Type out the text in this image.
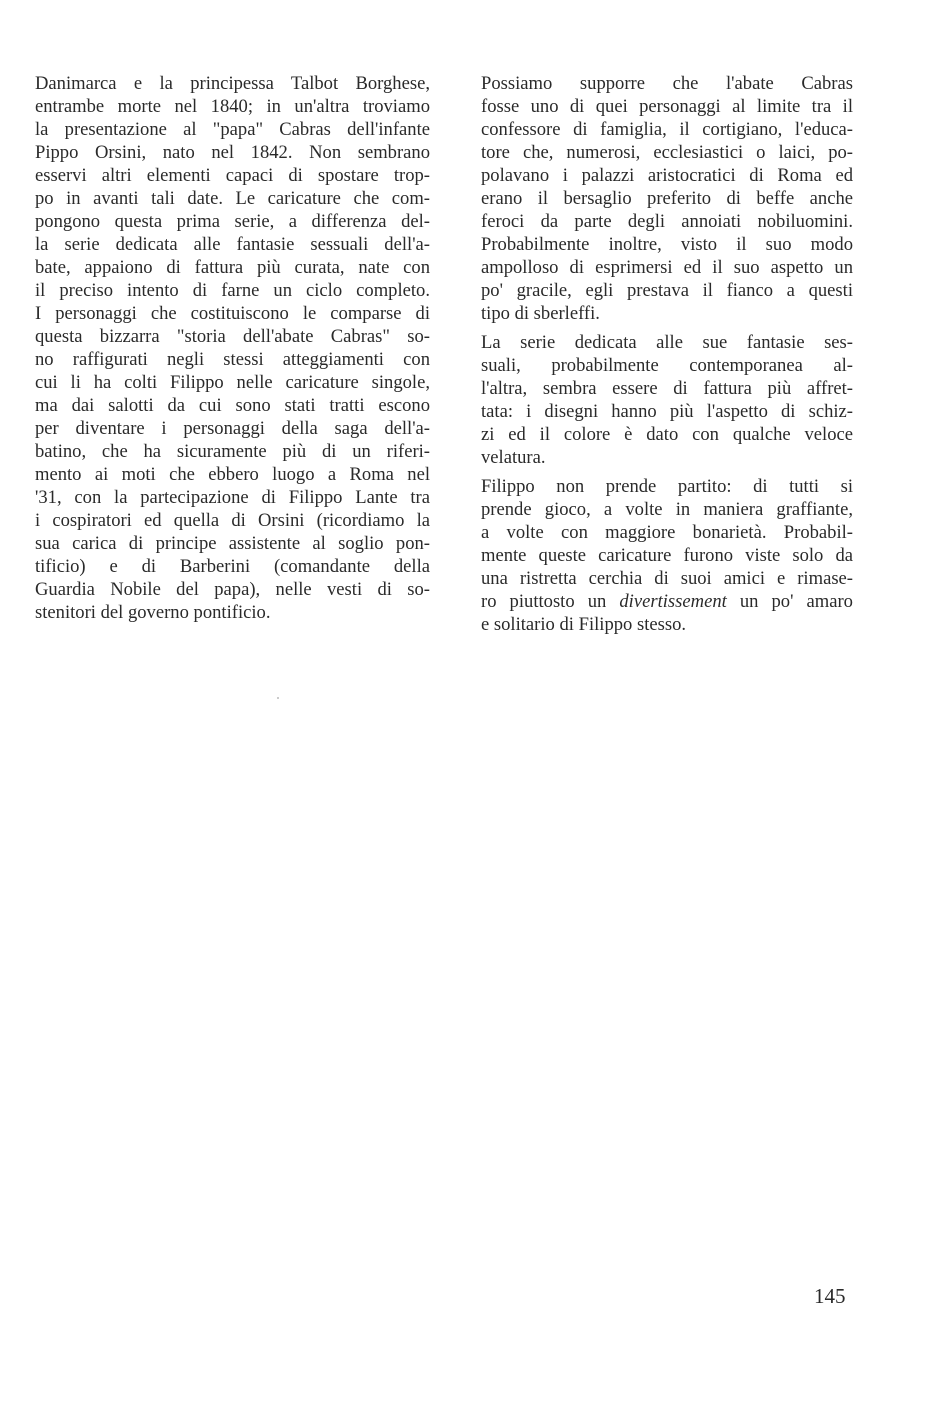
Danimarca e la principessa Talbot Borghese,
entrambe morte nel 1840; in un'altra troviamo
la presentazione al "papa" Cabras dell'infante
Pippo Orsini, nato nel 1842. Non sembrano
esservi altri elementi capaci di spostare trop-
po in avanti tali date. Le caricature che com-
pongono questa prima serie, a differenza del-
la serie dedicata alle fantasie sessuali dell'a-
bate, appaiono di fattura più curata, nate con
il preciso intento di farne un ciclo completo.
I personaggi che costituiscono le comparse di
questa bizzarra "storia dell'abate Cabras" so-
no raffigurati negli stessi atteggiamenti con
cui li ha colti Filippo nelle caricature singole,
ma dai salotti da cui sono stati tratti escono
per diventare i personaggi della saga dell'a-
batino, che ha sicuramente più di un riferi-
mento ai moti che ebbero luogo a Roma nel
'31, con la partecipazione di Filippo Lante tra
i cospiratori ed quella di Orsini (ricordiamo la
sua carica di principe assistente al soglio pon-
tificio) e di Barberini (comandante della
Guardia Nobile del papa), nelle vesti di so-
stenitori del governo pontificio.

Possiamo supporre che l'abate Cabras
fosse uno di quei personaggi al limite tra il
confessore di famiglia, il cortigiano, l'educa-
tore che, numerosi, ecclesiastici o laici, po-
polavano i palazzi aristocratici di Roma ed
erano il bersaglio preferito di beffe anche
feroci da parte degli annoiati nobiluomini.
Probabilmente inoltre, visto il suo modo
ampolloso di esprimersi ed il suo aspetto un
po' gracile, egli prestava il fianco a questi
tipo di sberleffi.

La serie dedicata alle sue fantasie ses-
suali, probabilmente contemporanea al-
l'altra, sembra essere di fattura più affret-
tata: i disegni hanno più l'aspetto di schiz-
zi ed il colore è dato con qualche veloce
velatura.

Filippo non prende partito: di tutti si
prende gioco, a volte in maniera graffiante,
a volte con maggiore bonarietà. Probabil-
mente queste caricature furono viste solo da
una ristretta cerchia di suoi amici e rimase-
ro piuttosto un divertissement un po' amaro
e solitario di Filippo stesso.

145
